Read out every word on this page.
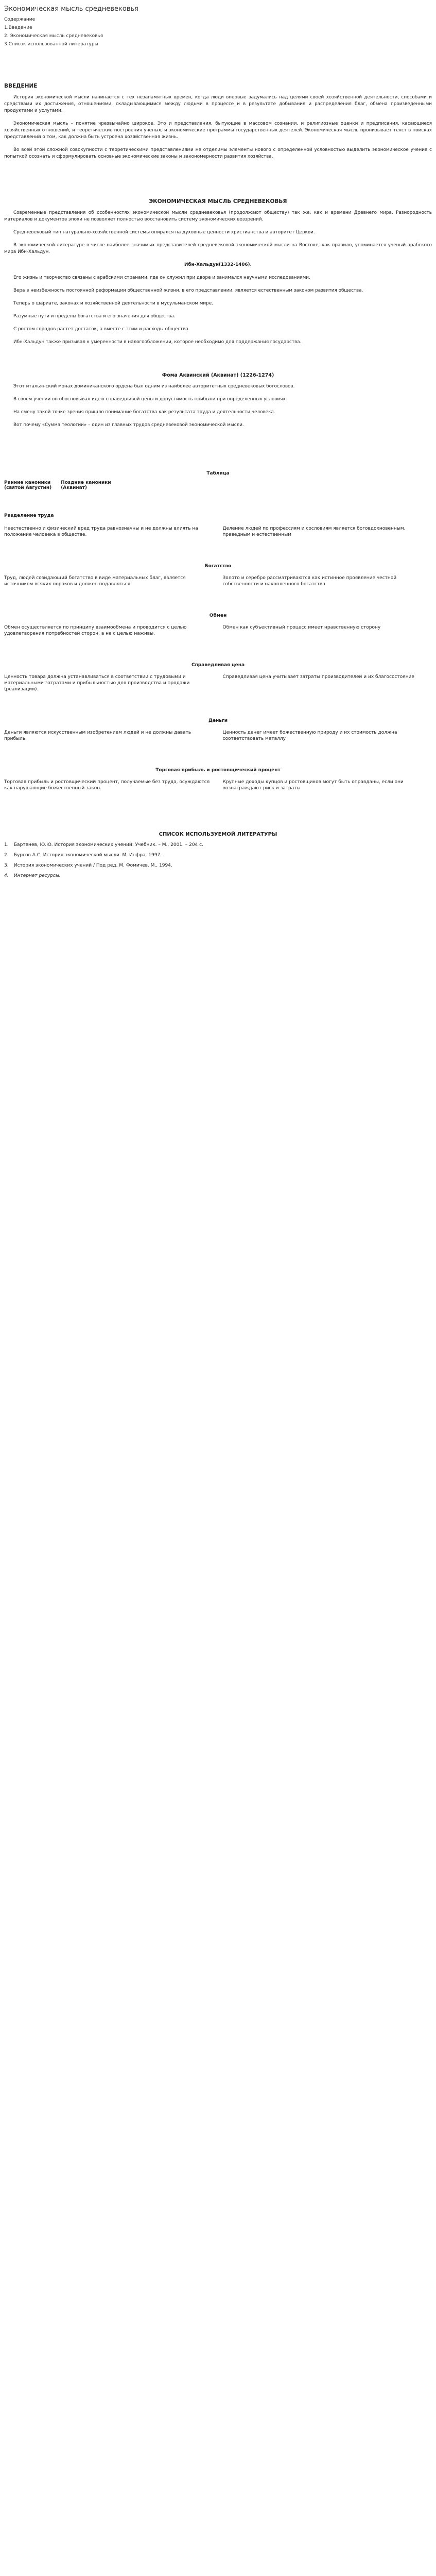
Экономическая мысль средневековья
Содержание
1.Введение
2. Экономическая мысль средневековья
3.Список использованной литературы
ВВЕДЕНИЕ

История экономической мысли начинается с тех незапамятных времен, когда люди впервые задумались над целями своей хозяйственной деятельности, способами и средствами их достижения, отношениями, складывающимися между людьми в процессе и в результате добывания и распределения благ, обмена произведенными продуктами и услугами.

Экономическая мысль – понятие чрезвычайно широкое. Это и представления, бытующие в массовом сознании, и религиозные оценки и предписания, касающиеся хозяйственных отношений, и теоретические построения ученых, и экономические программы государственных деятелей. Экономическая мысль пронизывает текст в поисках представлений о том, как должна быть устроена хозяйственная жизнь.

Во всей этой сложной совокупности с теоретическими представлениями не отделимы элементы нового с определенной условностью выделить экономическое учение с попыткой осознать и сформулировать основные экономические законы и закономерности развития хозяйства.

ЭКОНОМИЧЕСКАЯ МЫСЛЬ СРЕДНЕВЕКОВЬЯ

Современные представления об особенностях экономической мысли средневековья (продолжают обществу) так же, как и времени Древнего мира. Разнородность материалов и документов эпохи не позволяет полностью восстановить систему экономических воззрений.

Средневековый тип натурально-хозяйственной системы опирался на духовные ценности христианства и авторитет Церкви.

В экономической литературе в числе наиболее значимых представителей средневековой экономической мысли на Востоке, как правило, упоминается ученый арабского мира Ибн-Хальдун.

Ибн-Хальдун(1332-1406).

Его жизнь и творчество связаны с арабскими странами, где он служил при дворе и занимался научными исследованиями.

Вера в неизбежность постоянной реформации общественной жизни, в его представлении, является естественным законом развития общества.

Теперь о шариате, законах и хозяйственной деятельности в мусульманском мире.

Разумные пути и пределы богатства и его значения для общества.

С ростом городов растет достаток, а вместе с этим и расходы общества.

Ибн-Хальдун также призывал к умеренности в налогообложении, которое необходимо для поддержания государства.

Фома Аквинский (Аквинат) (1226-1274)

Этот итальянский монах доминиканского ордена был одним из наиболее авторитетных средневековых богословов.

В своем учении он обосновывал идею справедливой цены и допустимость прибыли при определенных условиях.

На смену такой точке зрения пришло понимание богатства как результата труда и деятельности человека.

Вот почему «Сумма теологии» – один из главных трудов средневековой экономической мысли.

Таблица
Ранние каноники
(святой Августин)
Поздние каноники
(Аквинат)
Разделение труда
Неестественно и физический вред труда равнозначны и не должны влиять на положение человека в обществе.
Деление людей по профессиям и сословиям является боговдохновенным, праведным и естественным
Богатство
Труд, людей созидающий богатство в виде материальных благ, является источником всяких пороков и должен подавляться.
Золото и серебро рассматриваются как истинное проявление честной собственности и накопленного богатства
Обмен
Обмен осуществляется по принципу взаимообмена и проводится с целью удовлетворения потребностей сторон, а не с целью наживы.
Обмен как субъективный процесс имеет нравственную сторону
Справедливая цена
Ценность товара должна устанавливаться в соответствии с трудовыми и материальными затратами и прибыльностью для производства и продажи (реализации).
Справедливая цена учитывает затраты производителей и их благосостояние
Деньги
Деньги являются искусственным изобретением людей и не должны давать прибыль.
Ценность денег имеет божественную природу и их стоимость должна соответствовать металлу
Торговая прибыль и ростовщический процент
Торговая прибыль и ростовщический процент, получаемые без труда, осуждаются как нарушающие божественный закон.
Крупные доходы купцов и ростовщиков могут быть оправданы, если они вознаграждают риск и затраты
СПИСОК ИСПОЛЬЗУЕМОЙ ЛИТЕРАТУРЫ
1. Бартенев, Ю.Ю. История экономических учений: Учебник. – М., 2001. – 204 с.
2. Бурсов А.С. История экономической мысли. М. Инфра, 1997.
3. История экономических учений / Под ред. М. Фомичев. М., 1994.
4. Интернет ресурсы.
